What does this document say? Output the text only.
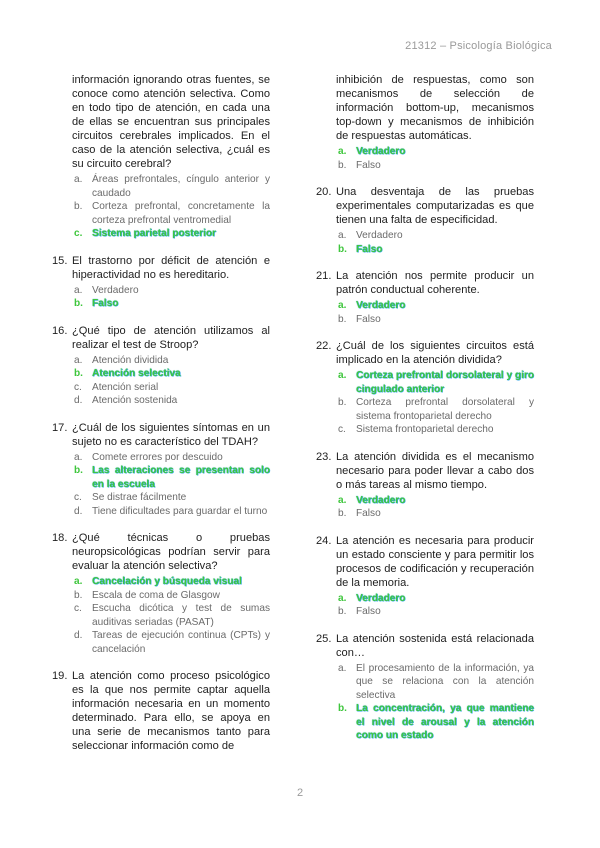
21312 – Psicología Biológica
información ignorando otras fuentes, se conoce como atención selectiva. Como en todo tipo de atención, en cada una de ellas se encuentran sus principales circuitos cerebrales implicados. En el caso de la atención selectiva, ¿cuál es su circuito cerebral?
a. Áreas prefrontales, cíngulo anterior y caudado
b. Corteza prefrontal, concretamente la corteza prefrontal ventromedial
c. Sistema parietal posterior
15. El trastorno por déficit de atención e hiperactividad no es hereditario.
a. Verdadero
b. Falso
16. ¿Qué tipo de atención utilizamos al realizar el test de Stroop?
a. Atención dividida
b. Atención selectiva
c.	Atención serial
d. Atención sostenida
17. ¿Cuál de los siguientes síntomas en un sujeto no es característico del TDAH?
a. Comete errores por descuido
b. Las alteraciones se presentan solo en la escuela
c.	Se distrae fácilmente
d. Tiene dificultades para guardar el turno
18. ¿Qué técnicas o pruebas neuropsicológicas podrían servir para evaluar la atención selectiva?
a. Cancelación y búsqueda visual
b. Escala de coma de Glasgow
c.	Escucha dicótica y test de sumas auditivas seriadas (PASAT)
d. Tareas de ejecución continua (CPTs) y cancelación
19. La atención como proceso psicológico es la que nos permite captar aquella información necesaria en un momento determinado. Para ello, se apoya en una serie de mecanismos tanto para seleccionar información como de
inhibición de respuestas, como son mecanismos de selección de información bottom-up, mecanismos top-down y mecanismos de inhibición de respuestas automáticas.
a. Verdadero
b. Falso
20. Una desventaja de las pruebas experimentales computarizadas es que tienen una falta de especificidad.
a. Verdadero
b. Falso
21. La atención nos permite producir un patrón conductual coherente.
a. Verdadero
b. Falso
22. ¿Cuál de los siguientes circuitos está implicado en la atención dividida?
a. Corteza prefrontal dorsolateral y giro cingulado anterior
b. Corteza prefrontal dorsolateral y sistema frontoparietal derecho
c.	Sistema frontoparietal derecho
23. La atención dividida es el mecanismo necesario para poder llevar a cabo dos o más tareas al mismo tiempo.
a. Verdadero
b. Falso
24. La atención es necesaria para producir un estado consciente y para permitir los procesos de codificación y recuperación de la memoria.
a. Verdadero
b. Falso
25. La atención sostenida está relacionada con…
a. El procesamiento de la información, ya que se relaciona con la atención selectiva
b. La concentración, ya que mantiene el nivel de arousal y la atención como un estado
2
